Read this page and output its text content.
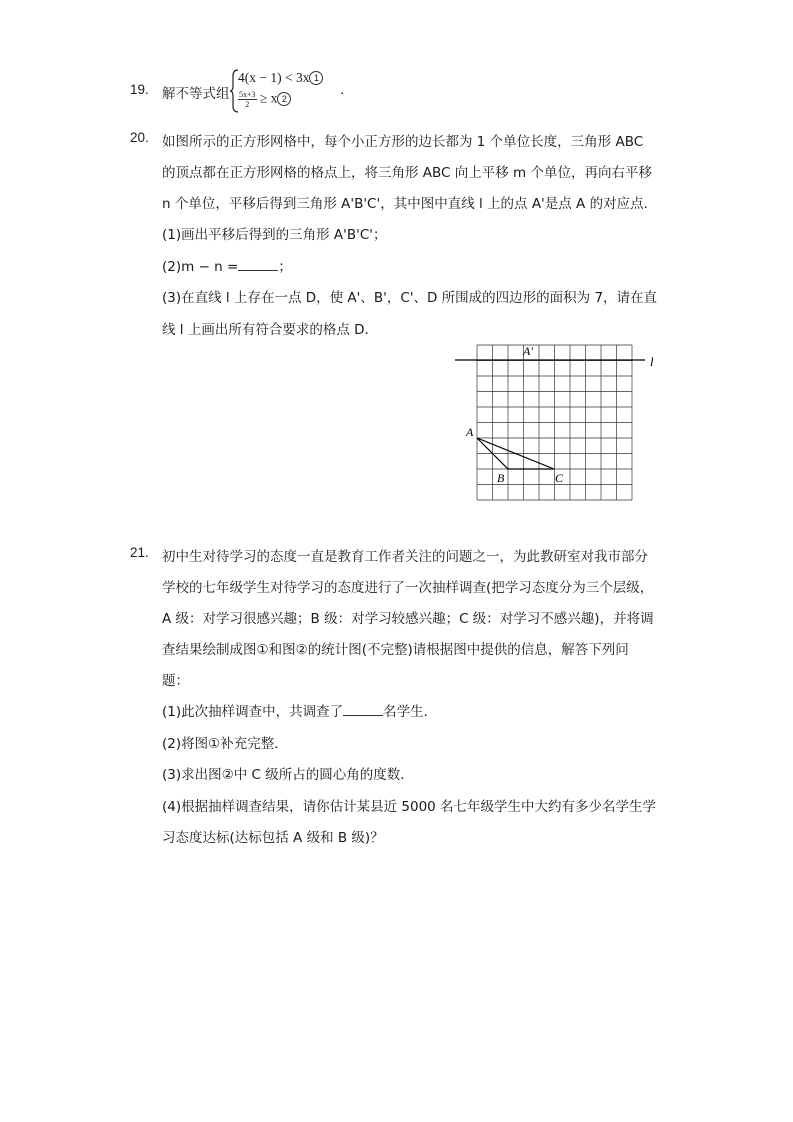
19. 解不等式组
4(x − 1) < 3x 1
$\frac{5x+3}{2} \ge x$ 2
.
20. 如图所示的正方形网格中，每个小正方形的边长都为 1 个单位长度，三角形 ABC
的顶点都在正方形网格的格点上，将三角形 ABC 向上平移 m 个单位，再向右平移
n 个单位，平移后得到三角形 A'B'C'，其中图中直线 l 上的点 A'是点 A 的对应点．
(1)画出平移后得到的三角形 A'B'C'；
(2)m − n =	；
(3)在直线 l 上存在一点 D，使 A'、B'，C'、D 所围成的四边形的面积为 7，请在直
线 l 上画出所有符合要求的格点 D．
A'
l
A
B	C
21. 初中生对待学习的态度一直是教育工作者关注的问题之一，为此教研室对我市部分
学校的七年级学生对待学习的态度进行了一次抽样调查(把学习态度分为三个层级，
A 级：对学习很感兴趣；B 级：对学习较感兴趣；C 级：对学习不感兴趣)，并将调
查结果绘制成图①和图②的统计图(不完整)请根据图中提供的信息，解答下列问
题：
(1)此次抽样调查中，共调查了	名学生．
(2)将图①补充完整．
(3)求出图②中 C 级所占的圆心角的度数．
(4)根据抽样调查结果，请你估计某县近 5000 名七年级学生中大约有多少名学生学
习态度达标(达标包括 A 级和 B 级)？
